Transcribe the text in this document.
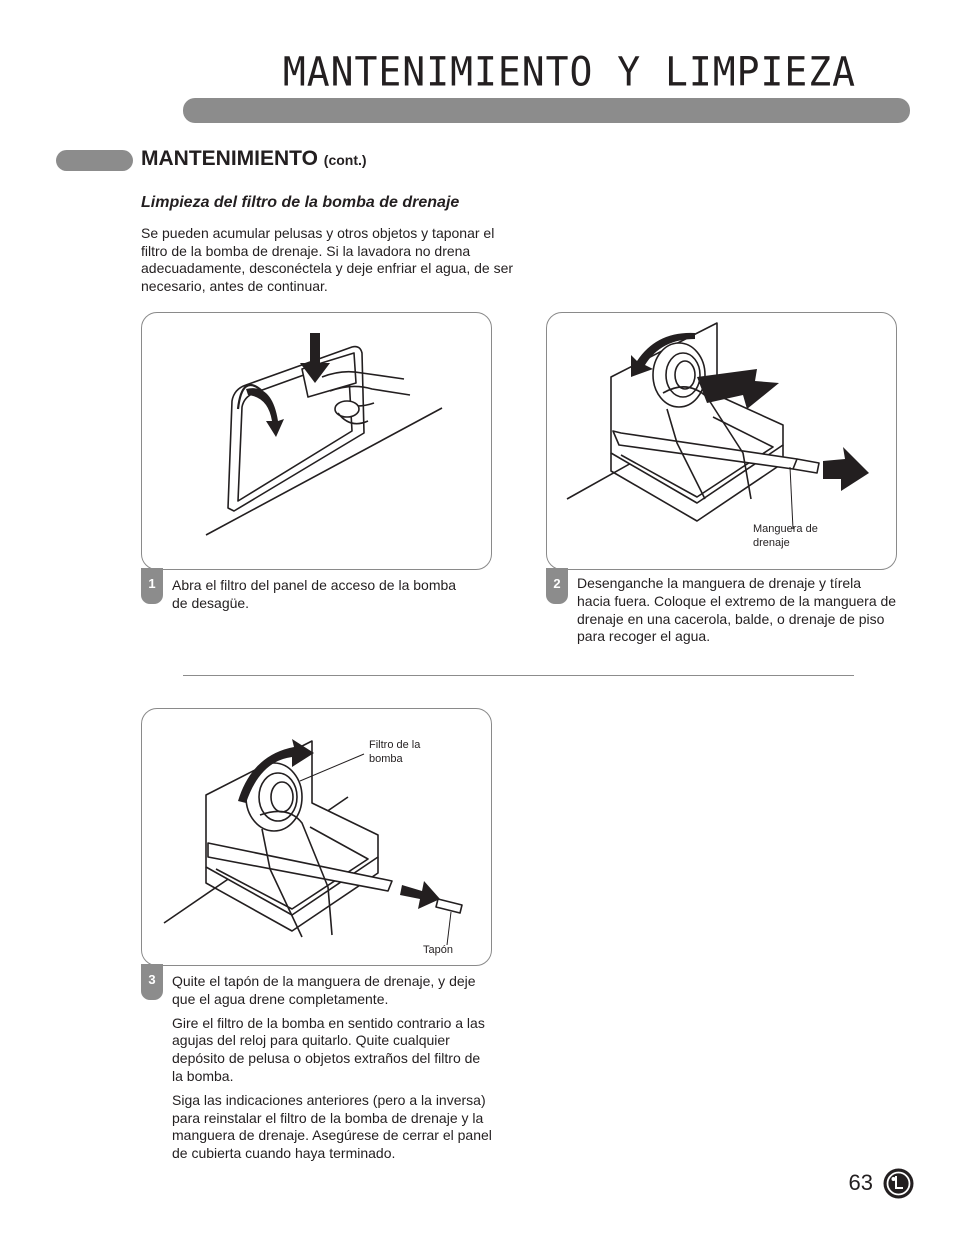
MANTENIMIENTO Y LIMPIEZA
MANTENIMIENTO (cont.)
Limpieza del filtro de la bomba de drenaje
Se pueden acumular pelusas y otros objetos y taponar el filtro de la bomba de drenaje. Si la lavadora no drena adecuadamente, desconéctela y deje enfriar el agua, de ser necesario, antes de continuar.
1	Abra el filtro del panel de acceso de la bomba de desagüe.

Manguera de drenaje
2	Desenganche la manguera de drenaje y tírela hacia fuera. Coloque el extremo de la manguera de drenaje en una cacerola, balde, o drenaje de piso para recoger el agua.

Filtro de la bomba
Tapón
3	Quite el tapón de la manguera de drenaje, y deje que el agua drene completamente.

Gire el filtro de la bomba en sentido contrario a las agujas del reloj para quitarlo. Quite cualquier depósito de pelusa o objetos extraños del filtro de la bomba.

Siga las indicaciones anteriores (pero a la inversa) para reinstalar el filtro de la bomba de drenaje y la manguera de drenaje. Asegúrese de cerrar el panel de cubierta cuando haya terminado.

63
